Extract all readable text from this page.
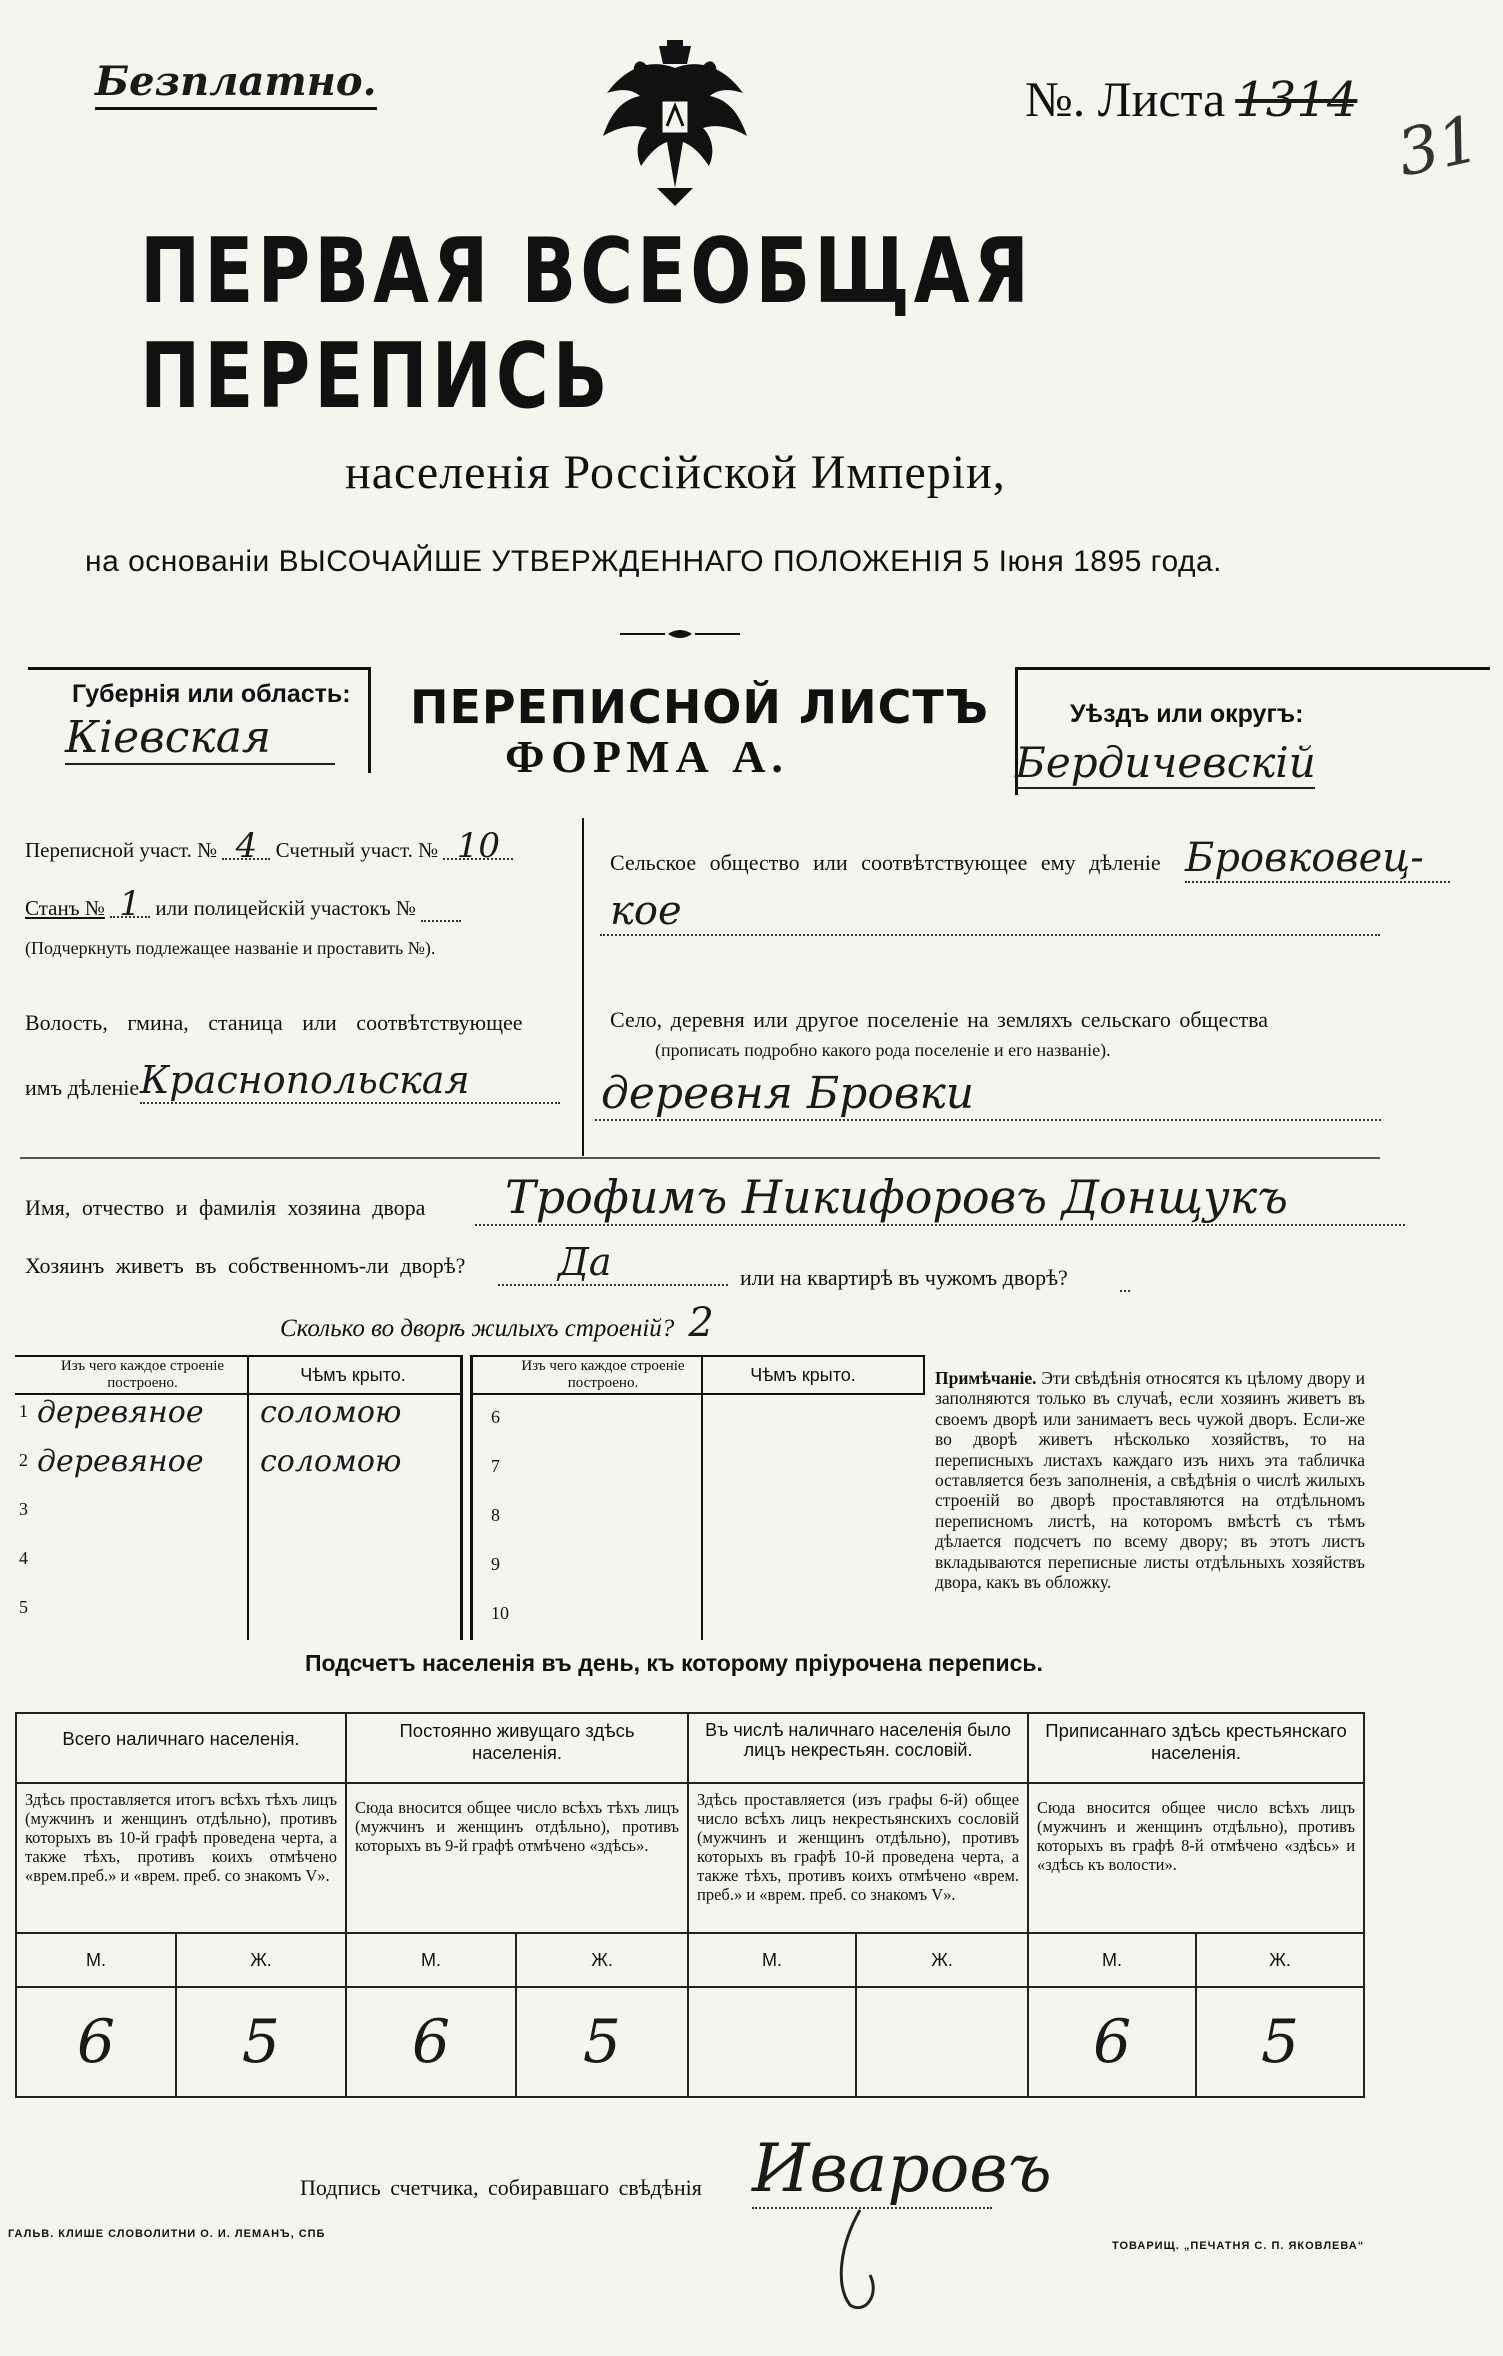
Безплатно.	№. Листа 1314
31
ПЕРВАЯ ВСЕОБЩАЯ ПЕРЕПИСЬ
населенія Россійской Имперіи,
на основаніи ВЫСОЧАЙШЕ УТВЕРЖДЕННАГО ПОЛОЖЕНІЯ 5 Іюня 1895 года.
Губернія или область:
Кіевская
ПЕРЕПИСНОЙ ЛИСТЪ
ФОРМА А.
Уѣздъ или округъ:
Бердичевскій
Переписной участ. № 4 Счетный участ. № 10
Станъ № 1 или полицейскій участокъ №
(Подчеркнуть подлежащее названіе и проставить №).
Волость, гмина, станица или соотвѣтствующее
имъ дѣленіе Краснопольская
Сельское общество или соотвѣтствующее ему дѣленіе Бровковец-
кое
Село, деревня или другое поселеніе на земляхъ сельскаго общества
(прописать подробно какого рода поселеніе и его названіе).
деревня Бровки
Имя, отчество и фамилія хозяина двора	Трофимъ Никифоровъ Донщукъ
Хозяинъ живетъ въ собственномъ-ли дворѣ?	Да	или на квартирѣ въ чужомъ дворѣ?
Сколько во дворѣ жилыхъ строеній? 2
Изъ чего каждое строеніе построено.	Чѣмъ крыто.
1 деревяное	соломою
2 деревяное	соломою
3
4
5
Изъ чего каждое строеніе построено.	Чѣмъ крыто.
6
7
8
9
10
Примѣчаніе. Эти свѣдѣнія относятся къ цѣлому двору и заполняются только въ случаѣ, если хозяинъ живетъ въ своемъ дворѣ или занимаетъ весь чужой дворъ. Если-же во дворѣ живетъ нѣсколько хозяйствъ, то на переписныхъ листахъ каждаго изъ нихъ эта табличка оставляется безъ заполненія, а свѣдѣнія о числѣ жилыхъ строеній во дворѣ проставляются на отдѣльномъ переписномъ листѣ, на которомъ вмѣстѣ съ тѣмъ дѣлается подсчетъ по всему двору; въ этотъ листъ вкладываются переписные листы отдѣльныхъ хозяйствъ двора, какъ въ обложку.
Подсчетъ населенія въ день, къ которому пріурочена перепись.
Всего наличнаго населенія.		Постоянно живущаго здѣсь населенія.		Въ числѣ наличнаго населенія было лицъ некрестьян. сословій.		Приписаннаго здѣсь крестьянскаго населенія.	
Здѣсь проставляется итогъ всѣхъ тѣхъ лицъ (мужчинъ и женщинъ отдѣльно), противъ которыхъ въ 10-й графѣ проведена черта, а также тѣхъ, противъ коихъ отмѣчено «врем.преб.» и «врем. преб. со знакомъ V».		Сюда вносится общее число всѣхъ тѣхъ лицъ (мужчинъ и женщинъ отдѣльно), противъ которыхъ въ 9-й графѣ отмѣчено «здѣсь».		Здѣсь проставляется (изъ графы 6-й) общее число всѣхъ лицъ некрестьянскихъ сословій (мужчинъ и женщинъ отдѣльно), противъ которыхъ въ графѣ 10-й проведена черта, а также тѣхъ, противъ коихъ отмѣчено «врем. преб.» и «врем. преб. со знакомъ V».		Сюда вносится общее число всѣхъ лицъ (мужчинъ и женщинъ отдѣльно), противъ которыхъ въ графѣ 8-й отмѣчено «здѣсь» и «здѣсь къ волости».	
М.	Ж.	М.	Ж.	М.	Ж.	М.	Ж.
6	5	6	5			6	5
Подпись счетчика, собиравшаго свѣдѣнія Иваровъ
ГАЛЬВ. КЛИШЕ СЛОВОЛИТНИ О. И. ЛЕМАНЪ, СПБ
ТОВАРИЩ. „ПЕЧАТНЯ С. П. ЯКОВЛЕВА“
